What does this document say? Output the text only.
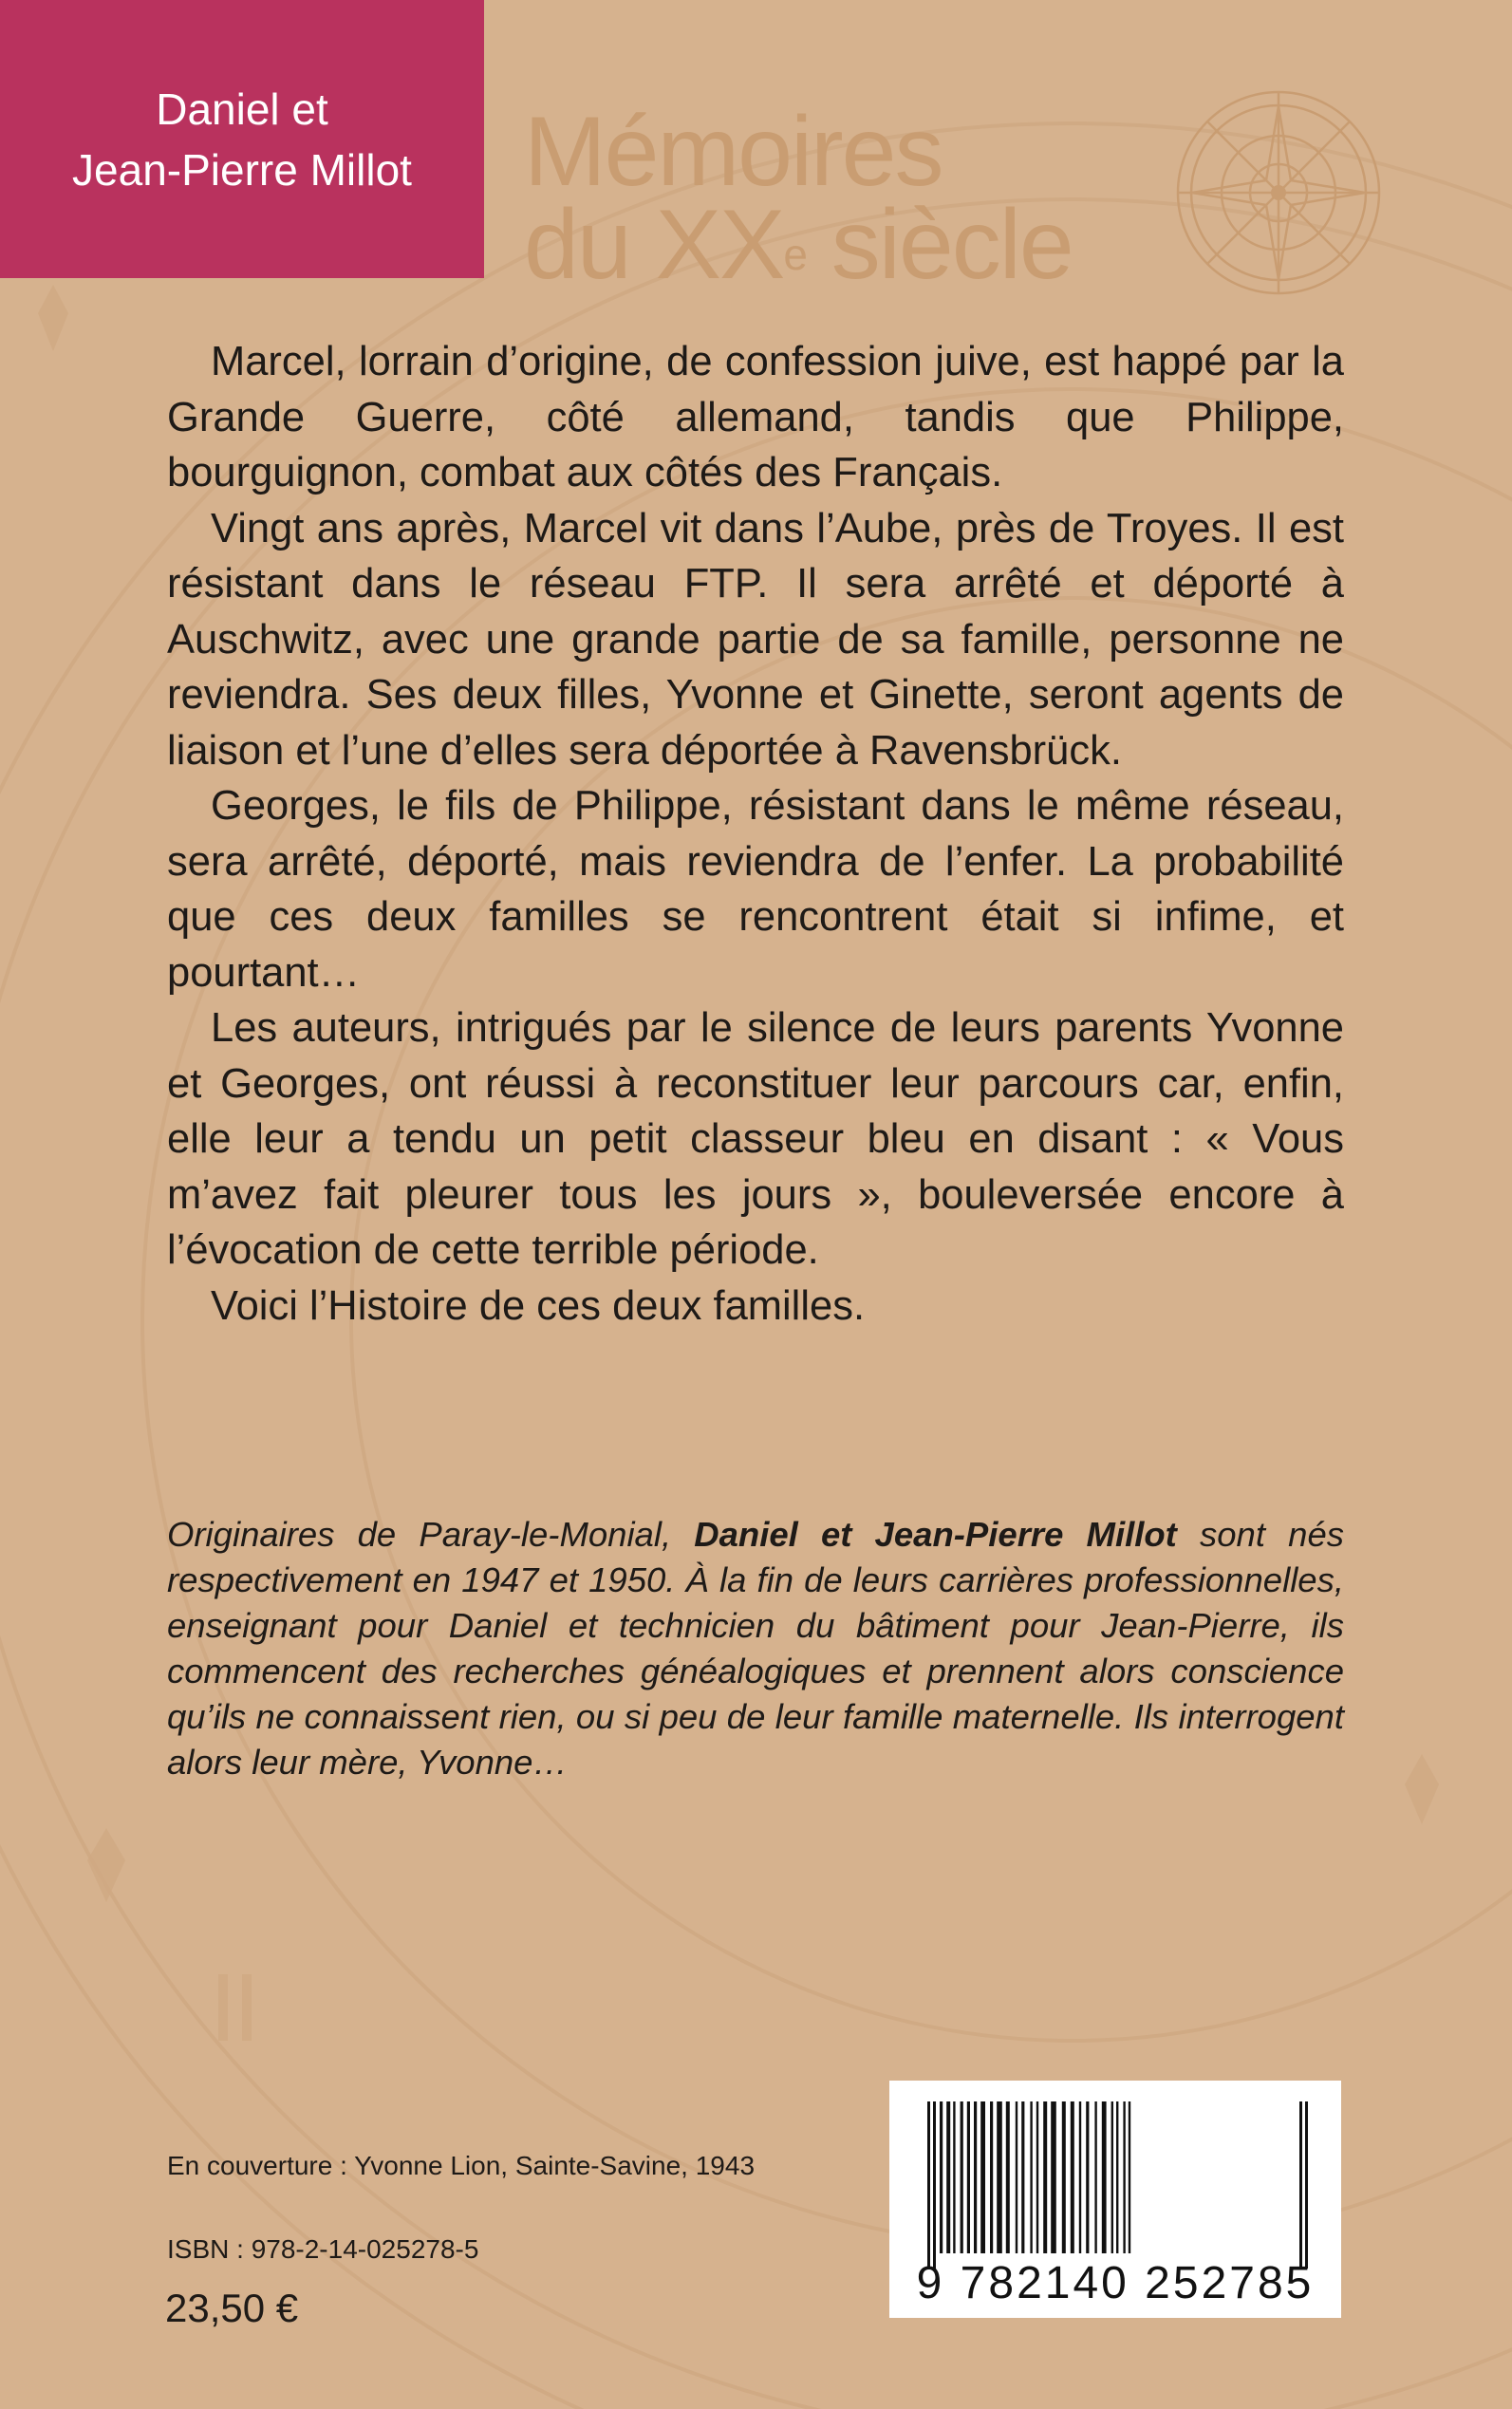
Daniel et
Jean-Pierre Millot Mémoires
du XXe siècle

Marcel, lorrain d’origine, de confession juive, est happé par la Grande Guerre, côté allemand, tandis que Philippe, bourguignon, combat aux côtés des Français.

Vingt ans après, Marcel vit dans l’Aube, près de Troyes. Il est résistant dans le réseau FTP. Il sera arrêté et déporté à Auschwitz, avec une grande partie de sa famille, personne ne reviendra. Ses deux filles, Yvonne et Ginette, seront agents de liaison et l’une d’elles sera déportée à Ravensbrück.

Georges, le fils de Philippe, résistant dans le même réseau, sera arrêté, déporté, mais reviendra de l’enfer. La probabilité que ces deux familles se rencontrent était si infime, et pourtant…

Les auteurs, intrigués par le silence de leurs parents Yvonne et Georges, ont réussi à reconstituer leur parcours car, enfin, elle leur a tendu un petit classeur bleu en disant : « Vous m’avez fait pleurer tous les jours », bouleversée encore à l’évocation de cette terrible période.

Voici l’Histoire de ces deux familles.

Originaires de Paray-le-Monial, Daniel et Jean-Pierre Millot sont nés respectivement en 1947 et 1950. À la fin de leurs carrières professionnelles, enseignant pour Daniel et technicien du bâtiment pour Jean-Pierre, ils commencent des recherches généalogiques et prennent alors conscience qu’ils ne connaissent rien, ou si peu de leur famille maternelle. Ils interrogent alors leur mère, Yvonne…

En couverture : Yvonne Lion, Sainte-Savine, 1943
ISBN : 978-2-14-025278-5
23,50 €	9 782140 252785
